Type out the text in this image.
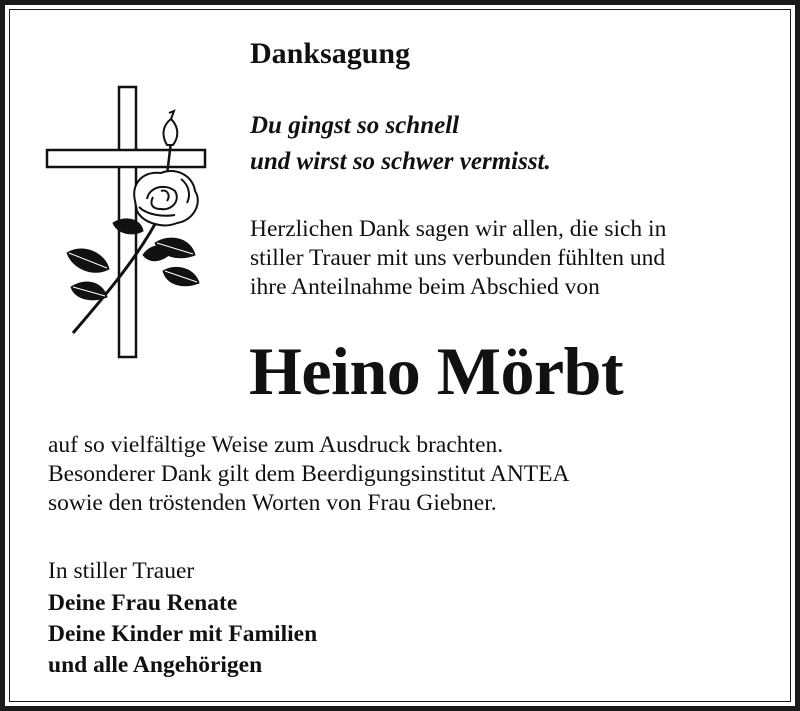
Danksagung
Du gingst so schnell
und wirst so schwer vermisst.
Herzlichen Dank sagen wir allen, die sich in
stiller Trauer mit uns verbunden fühlten und
ihre Anteilnahme beim Abschied von
Heino Mörbt
auf so vielfältige Weise zum Ausdruck brachten.
Besonderer Dank gilt dem Beerdigungsinstitut ANTEA
sowie den tröstenden Worten von Frau Giebner.
In stiller Trauer
Deine Frau Renate
Deine Kinder mit Familien
und alle Angehörigen
